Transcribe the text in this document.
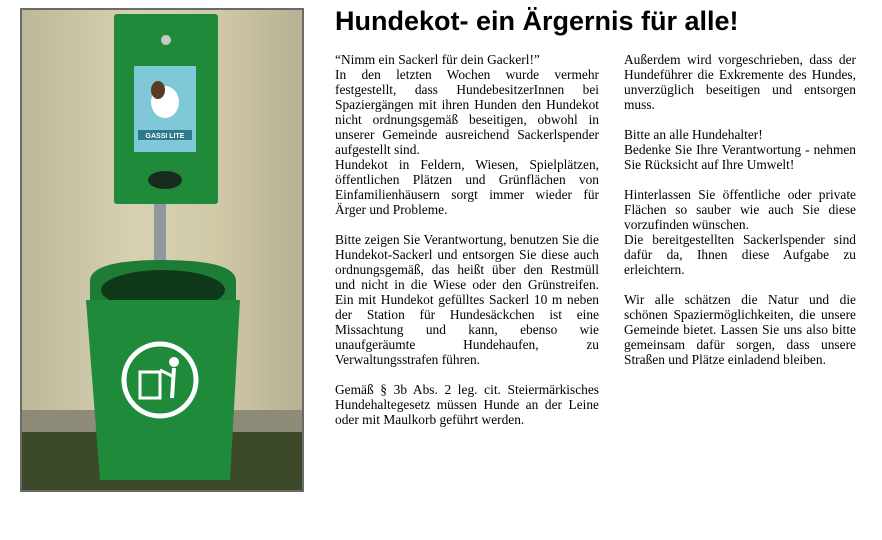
GASSI LITE
Hundekot- ein Ärgernis für alle!

“Nimm ein Sackerl für dein Gackerl!”

In den letzten Wochen wurde vermehr festgestellt, dass HundebesitzerInnen bei Spaziergängen mit ihren Hunden den Hundekot nicht ordnungsgemäß beseitigen, obwohl in unserer Gemeinde ausreichend Sackerlspender aufgestellt sind.

Hundekot in Feldern, Wiesen, Spielplätzen, öffentlichen Plätzen und Grünflächen von Einfamilienhäusern sorgt immer wieder für Ärger und Probleme.

Bitte zeigen Sie Verantwortung, benutzen Sie die Hundekot-Sackerl und entsorgen Sie diese auch ordnungsgemäß, das heißt über den Restmüll und nicht in die Wiese oder den Grünstreifen. Ein mit Hundekot gefülltes Sackerl 10 m neben der Station für Hundesäckchen ist eine Missachtung und kann, ebenso wie unaufgeräumte Hundehaufen, zu Verwaltungsstrafen führen.

Gemäß § 3b Abs. 2 leg. cit. Steiermärkisches Hundehaltegesetz müssen Hunde an der Leine oder mit Maulkorb geführt werden.

Außerdem wird vorgeschrieben, dass der Hundeführer die Exkremente des Hundes, unverzüglich beseitigen und entsorgen muss.

Bitte an alle Hundehalter!

Bedenke Sie Ihre Verantwortung - nehmen Sie Rücksicht auf Ihre Umwelt!

Hinterlassen Sie öffentliche oder private Flächen so sauber wie auch Sie diese vorzufinden wünschen.

Die bereitgestellten Sackerlspender sind dafür da, Ihnen diese Aufgabe zu erleichtern.

Wir alle schätzen die Natur und die schönen Spaziermöglichkeiten, die unsere Gemeinde bietet. Lassen Sie uns also bitte gemeinsam dafür sorgen, dass unsere Straßen und Plätze einladend bleiben.
